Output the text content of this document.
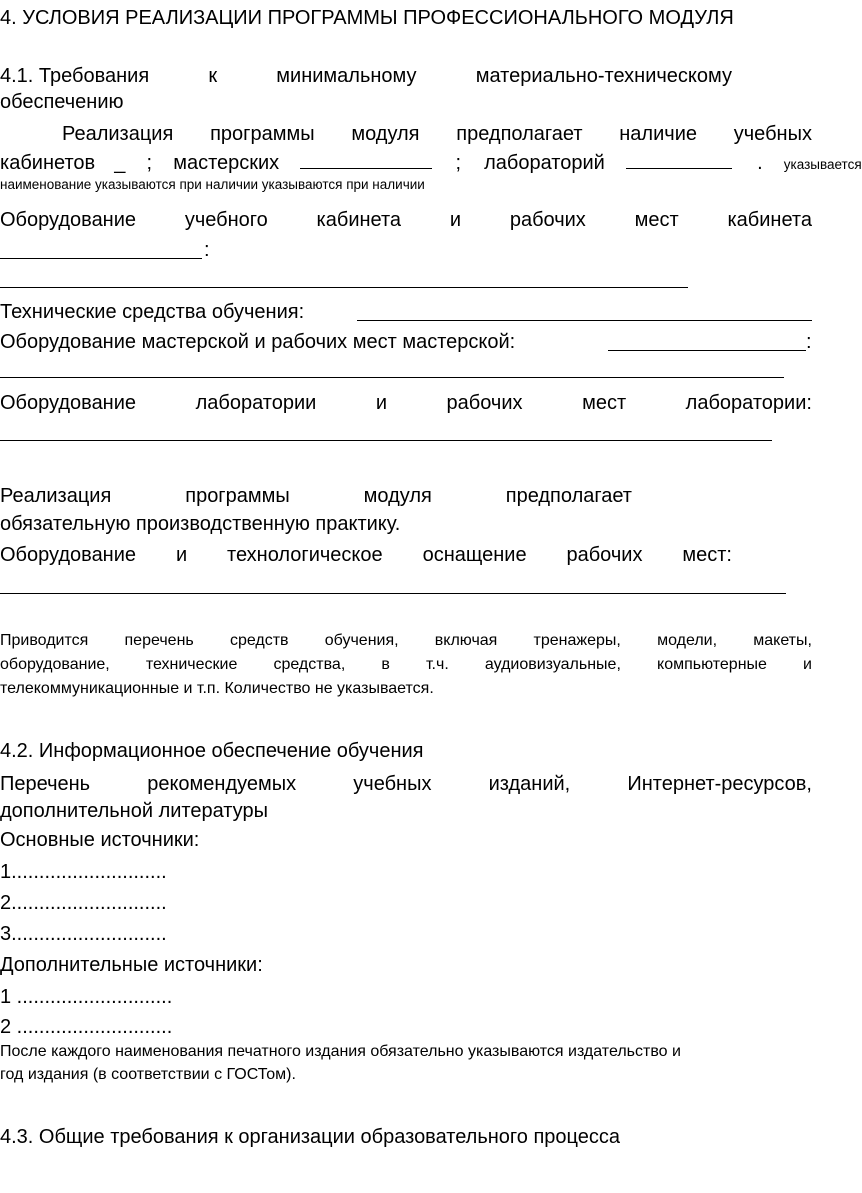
4. УСЛОВИЯ РЕАЛИЗАЦИИ ПРОГРАММЫ ПРОФЕССИОНАЛЬНОГО МОДУЛЯ

4.1. Требования	к	минимальному	материально-техническому

обеспечению

Реализация программы модуля предполагает наличие учебных
кабинетов _ ; мастерских	; лабораторий	. указывается

наименование указываются при наличии указываются при наличии

Оборудование учебного кабинета и рабочих мест кабинета

:

Технические средства обучения:

Оборудование мастерской и рабочих мест мастерской:	:

Оборудование	лаборатории	и	рабочих	мест	лаборатории:
Реализация	программы	модуля	предполагает

обязательную производственную практику.

Оборудование и технологическое оснащение рабочих мест:
Приводится перечень средств обучения, включая тренажеры, модели, макеты,
оборудование, технические средства, в т.ч. аудиовизуальные, компьютерные и

телекоммуникационные и т.п. Количество не указывается.

4.2. Информационное обеспечение обучения

Перечень	рекомендуемых	учебных	изданий,	Интернет-ресурсов,

дополнительной литературы

Основные источники:

1............................

2............................

3............................

Дополнительные источники:

1 ............................

2 ............................

После каждого наименования печатного издания обязательно указываются издательство и

год издания (в соответствии с ГОСТом).

4.3. Общие требования к организации образовательного процесса
